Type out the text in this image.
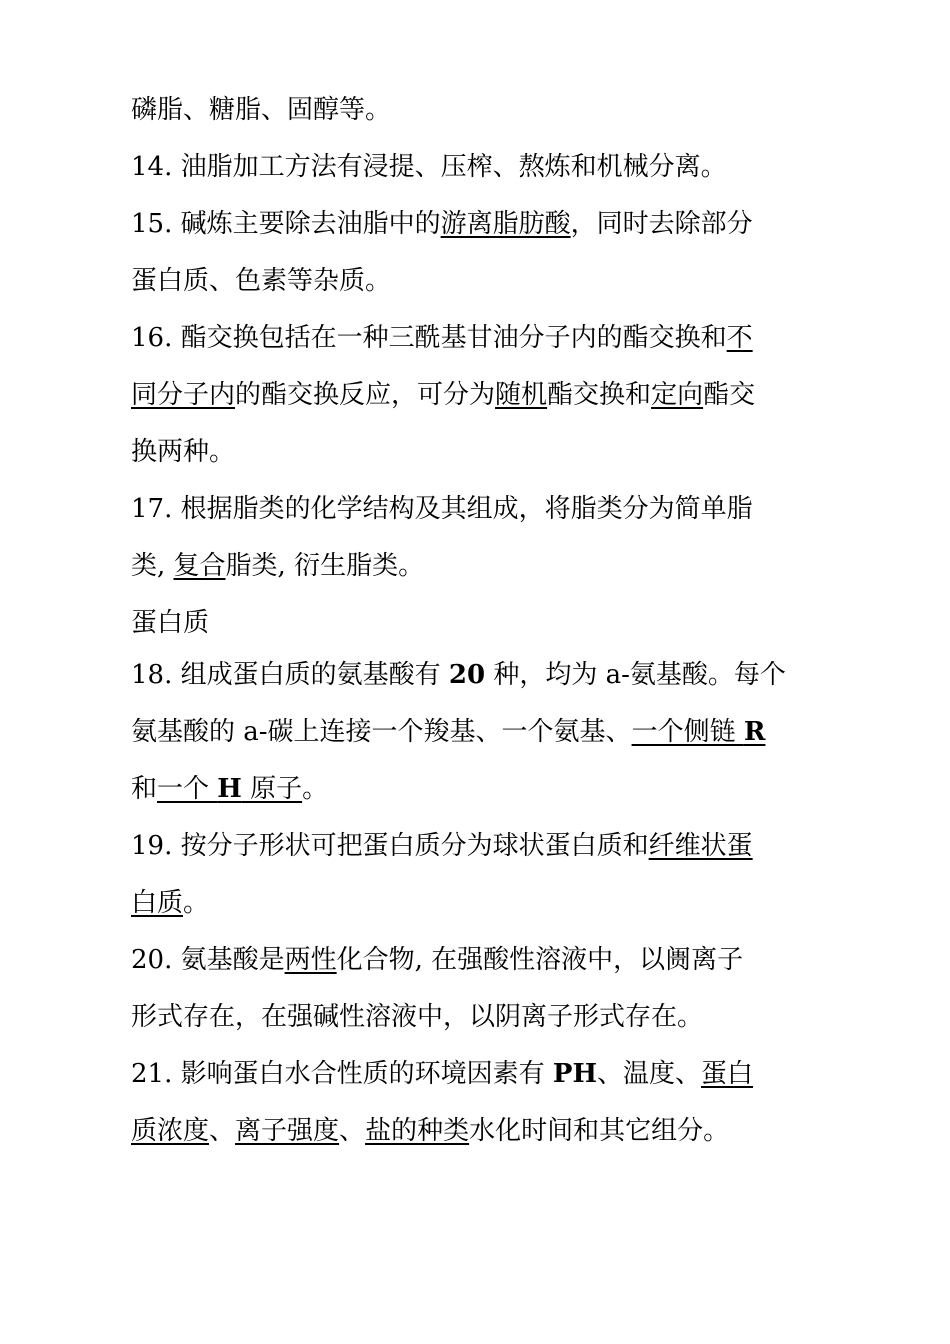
磷脂、糖脂、固醇等。
14. 油脂加工方法有浸提、压榨、熬炼和机械分离。
15. 碱炼主要除去油脂中的游离脂肪酸，同时去除部分
蛋白质、色素等杂质。
16. 酯交换包括在一种三酰基甘油分子内的酯交换和不
同分子内的酯交换反应，可分为随机酯交换和定向酯交
换两种。
17. 根据脂类的化学结构及其组成，将脂类分为简单脂
类, 复合脂类, 衍生脂类。
蛋白质
18. 组成蛋白质的氨基酸有 20 种，均为 a-氨基酸。每个
氨基酸的 a-碳上连接一个羧基、一个氨基、一个侧链 R
和一个 H 原子。
19. 按分子形状可把蛋白质分为球状蛋白质和纤维状蛋
白质。
20. 氨基酸是两性化合物, 在强酸性溶液中，以阓离子
形式存在，在强碱性溶液中，以阴离子形式存在。
21. 影响蛋白水合性质的环境因素有 PH、温度、蛋白
质浓度、离子强度、盐的种类水化时间和其它组分。
